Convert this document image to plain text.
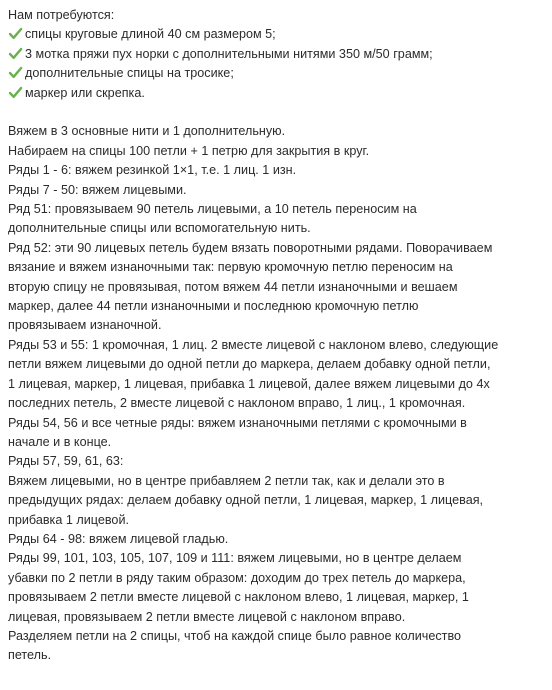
Нам потребуются:
спицы круговые длиной 40 см размером 5;
3 мотка пряжи пух норки с дополнительными нитями 350 м/50 грамм;
дополнительные спицы на тросике;
маркер или скрепка.
Вяжем в 3 основные нити и 1 дополнительную.
Набираем на спицы 100 петли + 1 петрю для закрытия в круг.
Ряды 1 - 6: вяжем резинкой 1×1, т.е. 1 лиц. 1 изн.
Ряды 7 - 50: вяжем лицевыми.
Ряд 51: провязываем 90 петель лицевыми, а 10 петель переносим на
дополнительные спицы или вспомогательную нить.
Ряд 52: эти 90 лицевых петель будем вязать поворотными рядами. Поворачиваем
вязание и вяжем изнаночными так: первую кромочную петлю переносим на
вторую спицу не провязывая, потом вяжем 44 петли изнаночными и вешаем
маркер, далее 44 петли изнаночными и последнюю кромочную петлю
провязываем изнаночной.
Ряды 53 и 55: 1 кромочная, 1 лиц. 2 вместе лицевой с наклоном влево, следующие
петли вяжем лицевыми до одной петли до маркера, делаем добавку одной петли,
1 лицевая, маркер, 1 лицевая, прибавка 1 лицевой, далее вяжем лицевыми до 4х
последних петель, 2 вместе лицевой с наклоном вправо, 1 лиц., 1 кромочная.
Ряды 54, 56 и все четные ряды: вяжем изнаночными петлями с кромочными в
начале и в конце.
Ряды 57, 59, 61, 63:
Вяжем лицевыми, но в центре прибавляем 2 петли так, как и делали это в
предыдущих рядах: делаем добавку одной петли, 1 лицевая, маркер, 1 лицевая,
прибавка 1 лицевой.
Ряды 64 - 98: вяжем лицевой гладью.
Ряды 99, 101, 103, 105, 107, 109 и 111: вяжем лицевыми, но в центре делаем
убавки по 2 петли в ряду таким образом: доходим до трех петель до маркера,
провязываем 2 петли вместе лицевой с наклоном влево, 1 лицевая, маркер, 1
лицевая, провязываем 2 петли вместе лицевой с наклоном вправо.
Разделяем петли на 2 спицы, чтоб на каждой спице было равное количество
петель.
